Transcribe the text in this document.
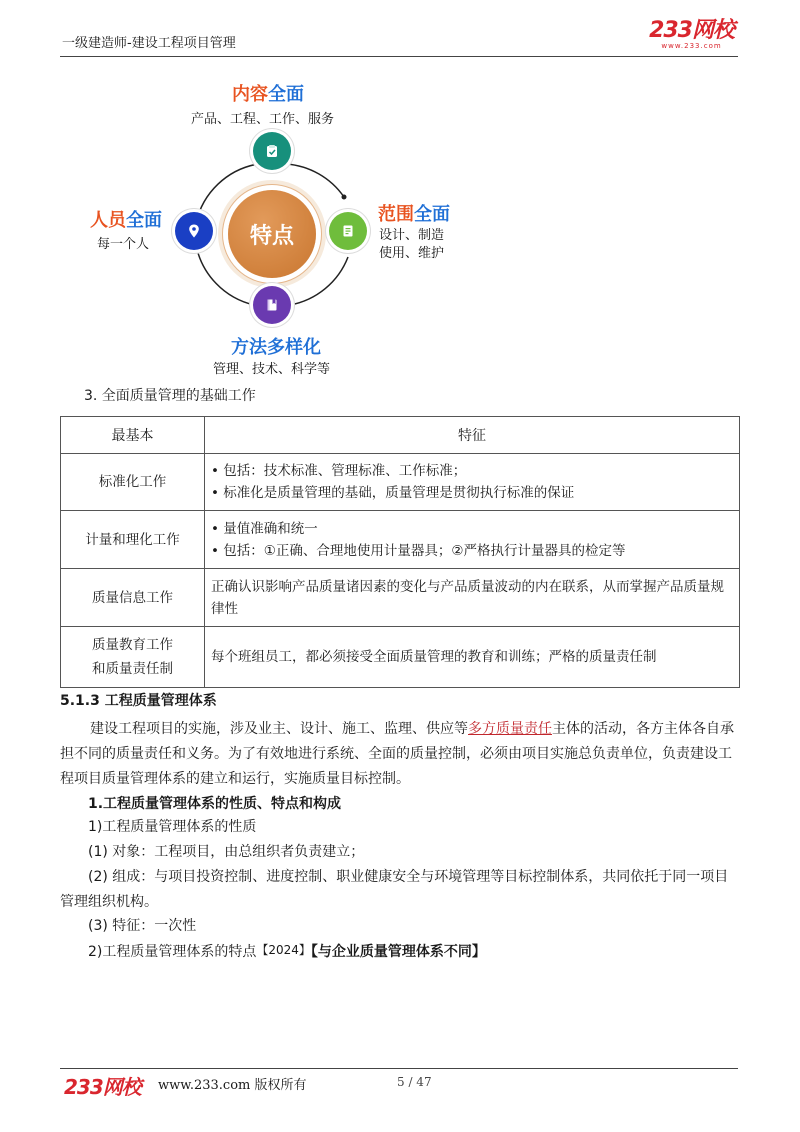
一级建造师-建设工程项目管理
233网校
www.233.com
特点
内容全面
产品、工程、工作、服务
人员全面
每一个人
范围全面
设计、制造
使用、维护
方法多样化
管理、技术、科学等
3. 全面质量管理的基础工作
最基本	特征
标准化工作	• 包括：技术标准、管理标准、工作标准；
• 标准化是质量管理的基础，质量管理是贯彻执行标准的保证

计量和理化工作	• 量值准确和统一
• 包括：①正确、合理地使用计量器具；②严格执行计量器具的检定等

质量信息工作	正确认识影响产品质量诸因素的变化与产品质量波动的内在联系，从而掌握产品质量规律性

质量教育工作
和质量责任制	每个班组员工，都必须接受全面质量管理的教育和训练；严格的质量责任制
5.1.3 工程质量管理体系
建设工程项目的实施，涉及业主、设计、施工、监理、供应等多方质量责任主体的活动，各方主体各自承担不同的质量责任和义务。为了有效地进行系统、全面的质量控制，必须由项目实施总负责单位，负责建设工程项目质量管理体系的建立和运行，实施质量目标控制。
1.工程质量管理体系的性质、特点和构成
1)工程质量管理体系的性质
(1) 对象：工程项目，由总组织者负责建立；
(2) 组成：与项目投资控制、进度控制、职业健康安全与环境管理等目标控制体系，共同依托于同一项目管理组织机构。
(3) 特征：一次性
2)工程质量管理体系的特点【2024】【与企业质量管理体系不同】
233网校 www.233.com 版权所有	5 / 47
